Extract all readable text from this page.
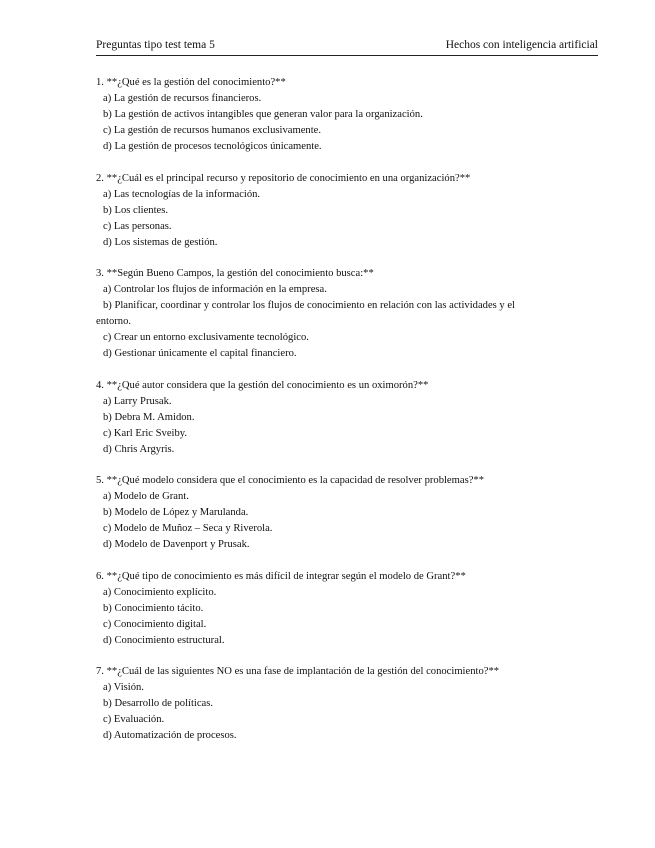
Preguntas tipo test tema 5	Hechos con inteligencia artificial

1. **¿Qué es la gestión del conocimiento?**

a) La gestión de recursos financieros.

b) La gestión de activos intangibles que generan valor para la organización.

c) La gestión de recursos humanos exclusivamente.

d) La gestión de procesos tecnológicos únicamente.

2. **¿Cuál es el principal recurso y repositorio de conocimiento en una organización?**

a) Las tecnologías de la información.

b) Los clientes.

c) Las personas.

d) Los sistemas de gestión.

3. **Según Bueno Campos, la gestión del conocimiento busca:**

a) Controlar los flujos de información en la empresa.

b) Planificar, coordinar y controlar los flujos de conocimiento en relación con las actividades y el entorno.

c) Crear un entorno exclusivamente tecnológico.

d) Gestionar únicamente el capital financiero.

4. **¿Qué autor considera que la gestión del conocimiento es un oximorón?**

a) Larry Prusak.

b) Debra M. Amidon.

c) Karl Eric Sveiby.

d) Chris Argyris.

5. **¿Qué modelo considera que el conocimiento es la capacidad de resolver problemas?**

a) Modelo de Grant.

b) Modelo de López y Marulanda.

c) Modelo de Muñoz – Seca y Riverola.

d) Modelo de Davenport y Prusak.

6. **¿Qué tipo de conocimiento es más difícil de integrar según el modelo de Grant?**

a) Conocimiento explícito.

b) Conocimiento tácito.

c) Conocimiento digital.

d) Conocimiento estructural.

7. **¿Cuál de las siguientes NO es una fase de implantación de la gestión del conocimiento?**

a) Visión.

b) Desarrollo de políticas.

c) Evaluación.

d) Automatización de procesos.
